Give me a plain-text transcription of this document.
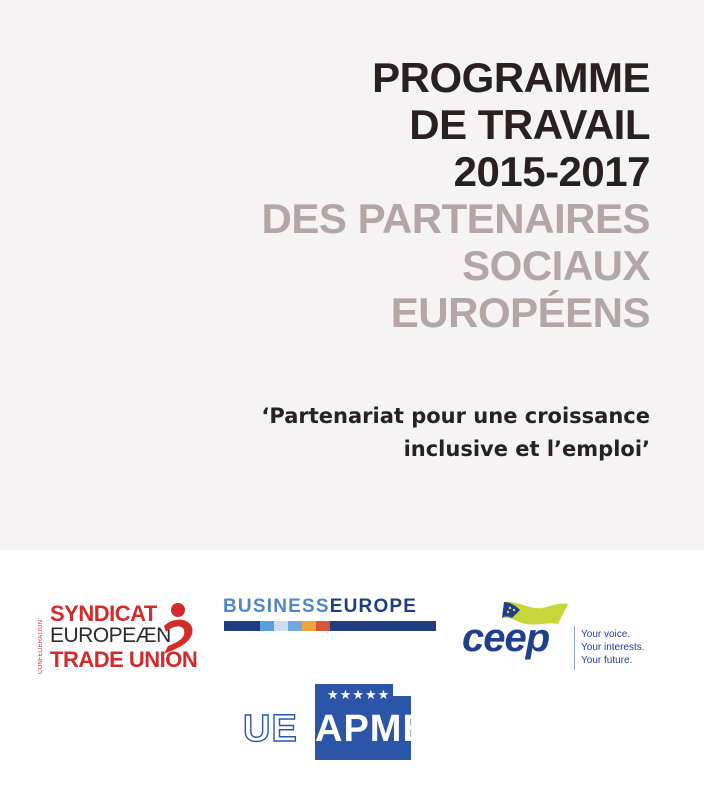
PROGRAMME
DE TRAVAIL
2015-2017
DES PARTENAIRES
SOCIAUX
EUROPÉENS
‘Partenariat pour une croissance
inclusive et l’emploi’
CONFEDERATION
SYNDICAT
EUROPEÆN
TRADE UNION
BUSINESSEUROPE
ceep	Your voice.
Your interests.
Your future.
★★★★★
UE APME
